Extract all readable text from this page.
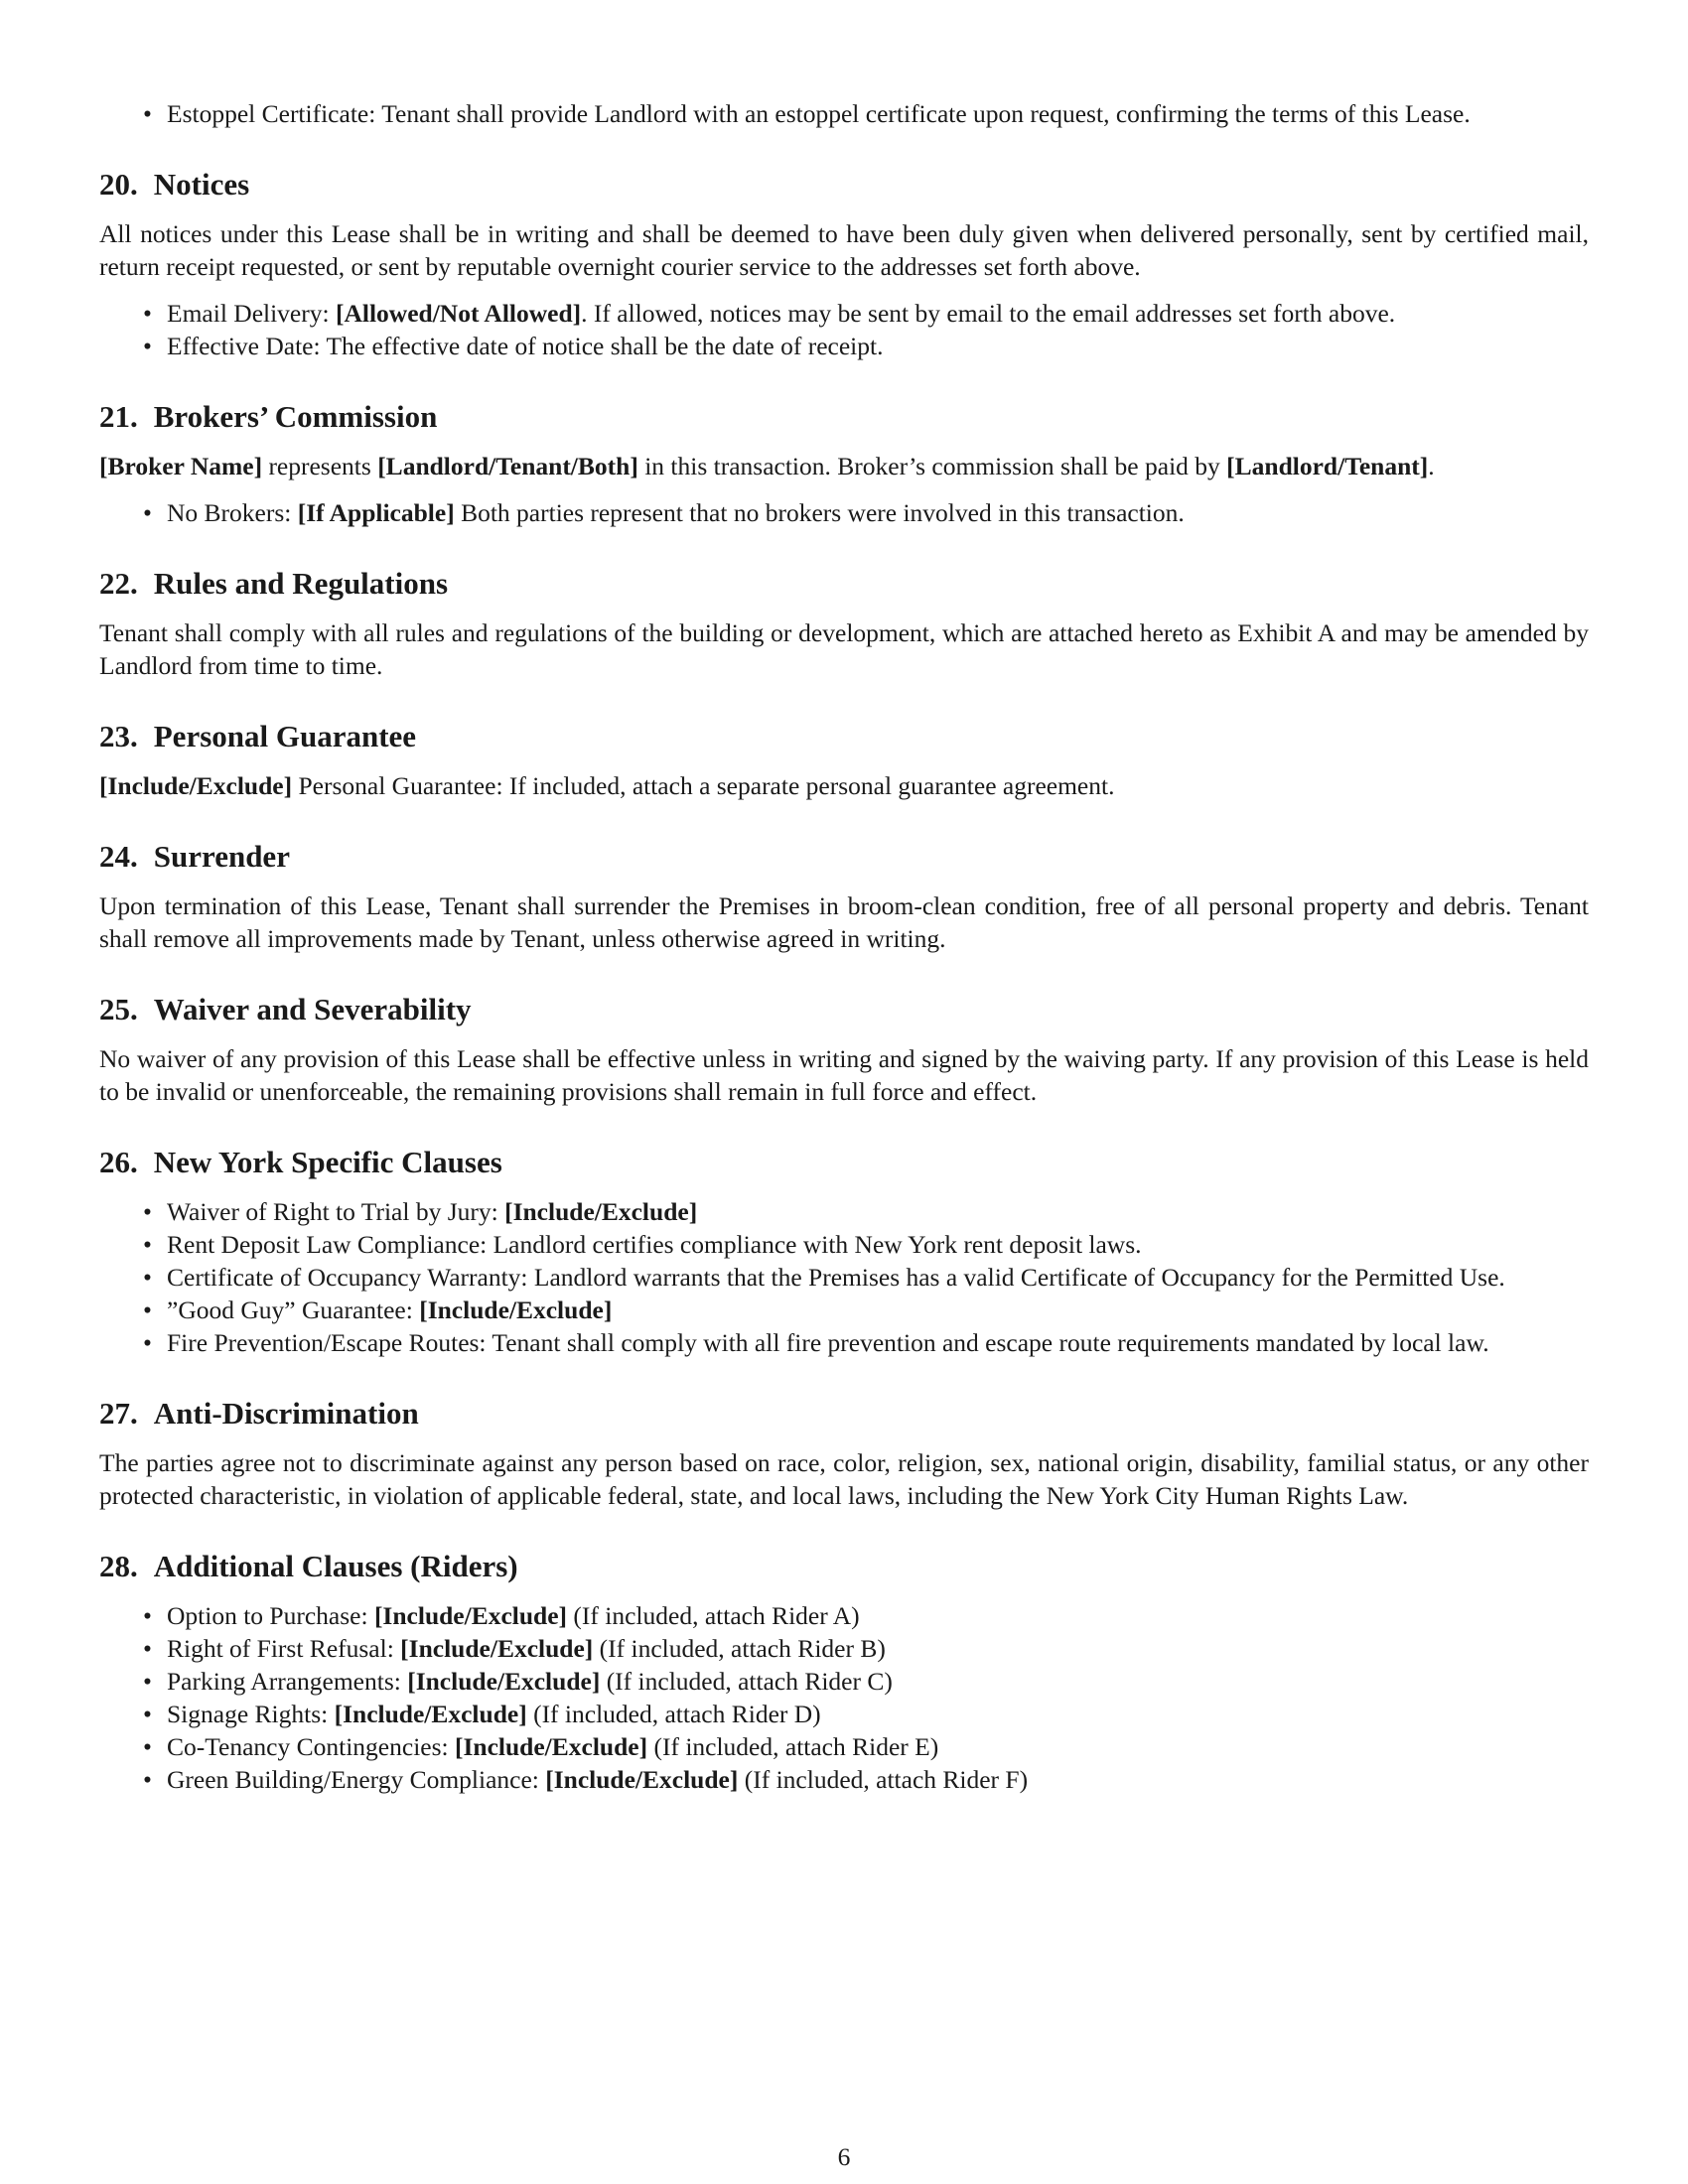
• Estoppel Certificate: Tenant shall provide Landlord with an estoppel certificate upon request, confirming the terms of this Lease.
20. Notices

All notices under this Lease shall be in writing and shall be deemed to have been duly given when delivered personally, sent by certified mail, return receipt requested, or sent by reputable overnight courier service to the addresses set forth above.

• Email Delivery: [Allowed/Not Allowed]. If allowed, notices may be sent by email to the email addresses set forth above.
• Effective Date: The effective date of notice shall be the date of receipt.
21. Brokers’ Commission

[Broker Name] represents [Landlord/Tenant/Both] in this transaction. Broker’s commission shall be paid by [Landlord/Tenant].

• No Brokers: [If Applicable] Both parties represent that no brokers were involved in this transaction.
22. Rules and Regulations

Tenant shall comply with all rules and regulations of the building or development, which are attached hereto as Exhibit A and may be amended by Landlord from time to time.

23. Personal Guarantee

[Include/Exclude] Personal Guarantee: If included, attach a separate personal guarantee agreement.

24. Surrender

Upon termination of this Lease, Tenant shall surrender the Premises in broom-clean condition, free of all personal property and debris. Tenant shall remove all improvements made by Tenant, unless otherwise agreed in writing.

25. Waiver and Severability

No waiver of any provision of this Lease shall be effective unless in writing and signed by the waiving party. If any provision of this Lease is held to be invalid or unenforceable, the remaining provisions shall remain in full force and effect.

26. New York Specific Clauses
• Waiver of Right to Trial by Jury: [Include/Exclude]
• Rent Deposit Law Compliance: Landlord certifies compliance with New York rent deposit laws.
• Certificate of Occupancy Warranty: Landlord warrants that the Premises has a valid Certificate of Occupancy for the Permitted Use.
• ”Good Guy” Guarantee: [Include/Exclude]
• Fire Prevention/Escape Routes: Tenant shall comply with all fire prevention and escape route requirements mandated by local law.
27. Anti-Discrimination

The parties agree not to discriminate against any person based on race, color, religion, sex, national origin, disability, familial status, or any other protected characteristic, in violation of applicable federal, state, and local laws, including the New York City Human Rights Law.

28. Additional Clauses (Riders)
• Option to Purchase: [Include/Exclude] (If included, attach Rider A)
• Right of First Refusal: [Include/Exclude] (If included, attach Rider B)
• Parking Arrangements: [Include/Exclude] (If included, attach Rider C)
• Signage Rights: [Include/Exclude] (If included, attach Rider D)
• Co-Tenancy Contingencies: [Include/Exclude] (If included, attach Rider E)
• Green Building/Energy Compliance: [Include/Exclude] (If included, attach Rider F)
6
